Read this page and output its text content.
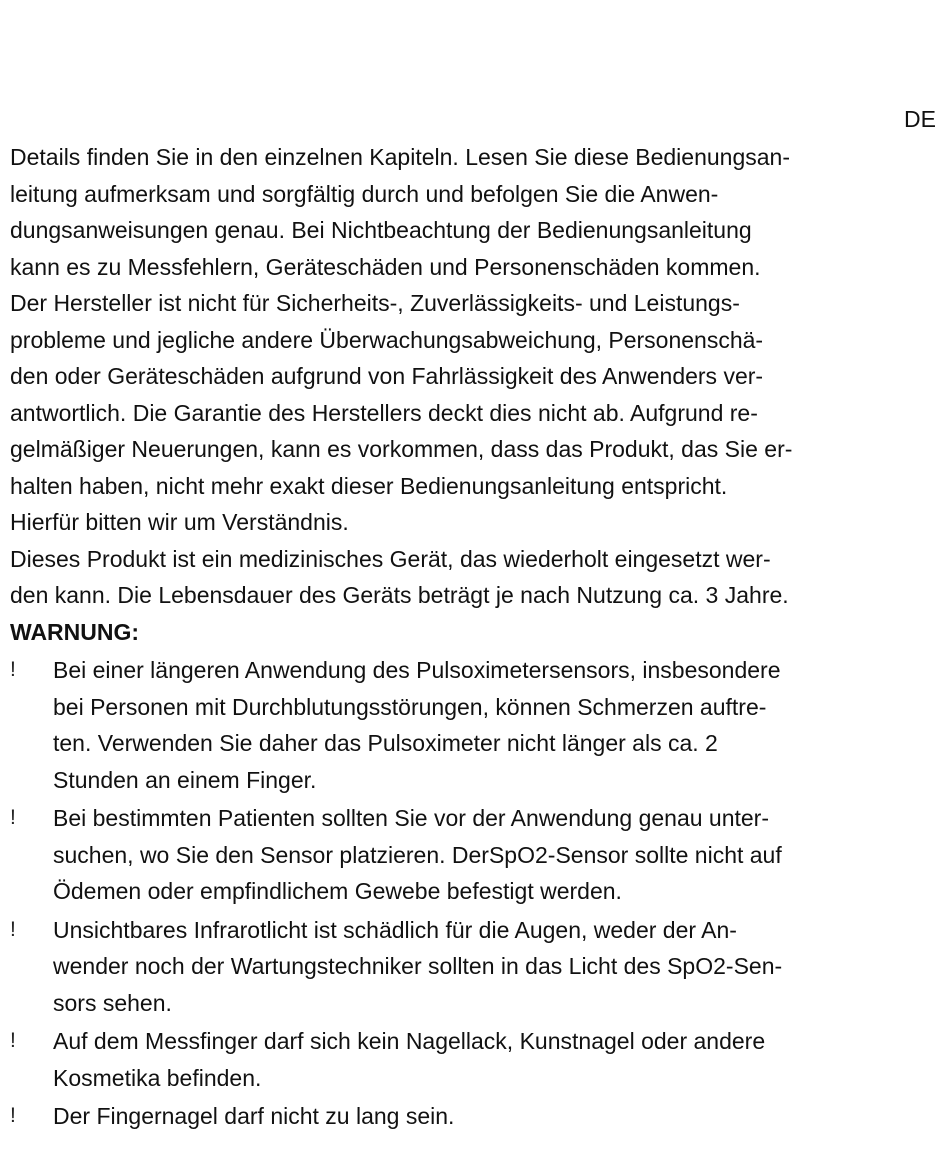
DE

Details finden Sie in den einzelnen Kapiteln. Lesen Sie diese Bedienungsan-
leitung aufmerksam und sorgfältig durch und befolgen Sie die Anwen-
dungsanweisungen genau. Bei Nichtbeachtung der Bedienungsanleitung
kann es zu Messfehlern, Geräteschäden und Personenschäden kommen.
Der Hersteller ist nicht für Sicherheits-, Zuverlässigkeits- und Leistungs-
probleme und jegliche andere Überwachungsabweichung, Personenschä-
den oder Geräteschäden aufgrund von Fahrlässigkeit des Anwenders ver-
antwortlich. Die Garantie des Herstellers deckt dies nicht ab. Aufgrund re-
gelmäßiger Neuerungen, kann es vorkommen, dass das Produkt, das Sie er-
halten haben, nicht mehr exakt dieser Bedienungsanleitung entspricht.
Hierfür bitten wir um Verständnis.

Dieses Produkt ist ein medizinisches Gerät, das wiederholt eingesetzt wer-
den kann. Die Lebensdauer des Geräts beträgt je nach Nutzung ca. 3 Jahre.

WARNUNG:
!	Bei einer längeren Anwendung des Pulsoximetersensors, insbesondere
bei Personen mit Durchblutungsstörungen, können Schmerzen auftre-
ten. Verwenden Sie daher das Pulsoximeter nicht länger als ca. 2
Stunden an einem Finger.
!	Bei bestimmten Patienten sollten Sie vor der Anwendung genau unter-
suchen, wo Sie den Sensor platzieren. DerSpO2-Sensor sollte nicht auf
Ödemen oder empfindlichem Gewebe befestigt werden.
!	Unsichtbares Infrarotlicht ist schädlich für die Augen, weder der An-
wender noch der Wartungstechniker sollten in das Licht des SpO2-Sen-
sors sehen.
!	Auf dem Messfinger darf sich kein Nagellack, Kunstnagel oder andere
Kosmetika befinden.
!	Der Fingernagel darf nicht zu lang sein.
